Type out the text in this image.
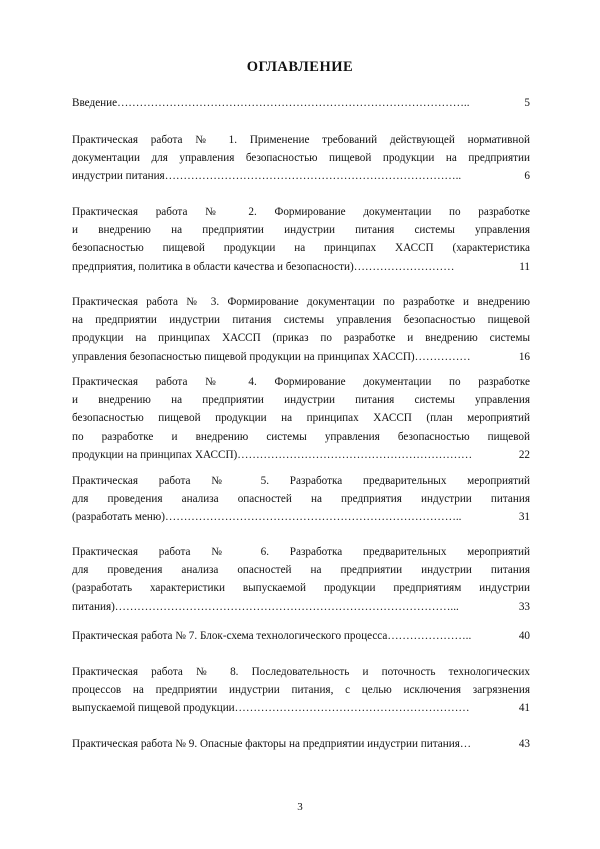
ОГЛАВЛЕНИЕ
Введение…………………………………………………………………………………..	5
Практическая работа № 1. Применение требований действующей нормативной
документации для управления безопасностью пищевой продукции на предприятии
индустрии питания……………………………………………………………………..	6
Практическая работа № 2. Формирование документации по разработке
и внедрению на предприятии индустрии питания системы управления
безопасностью пищевой продукции на принципах ХАССП (характеристика
предприятия, политика в области качества и безопасности)………………………	11
Практическая работа № 3. Формирование документации по разработке и внедрению
на предприятии индустрии питания системы управления безопасностью пищевой
продукции на принципах ХАССП (приказ по разработке и внедрению системы
управления безопасностью пищевой продукции на принципах ХАССП)……………	16
Практическая работа № 4. Формирование документации по разработке
и внедрению на предприятии индустрии питания системы управления
безопасностью пищевой продукции на принципах ХАССП (план мероприятий
по разработке и внедрению системы управления безопасностью пищевой
продукции на принципах ХАССП)………………………………………………………	22
Практическая работа № 5. Разработка предварительных мероприятий
для проведения анализа опасностей на предприятия индустрии питания
(разработать меню)……………………………………………………………………..	31
Практическая работа № 6. Разработка предварительных мероприятий
для проведения анализа опасностей на предприятии индустрии питания
(разработать характеристики выпускаемой продукции предприятиям индустрии
питания)………………………………………………………………………………...	33
Практическая работа № 7. Блок-схема технологического процесса…………………..	40
Практическая работа № 8. Последовательность и поточность технологических
процессов на предприятии индустрии питания, с целью исключения загрязнения
выпускаемой пищевой продукции………………………………………………………	41
Практическая работа № 9. Опасные факторы на предприятии индустрии питания…	43
3
